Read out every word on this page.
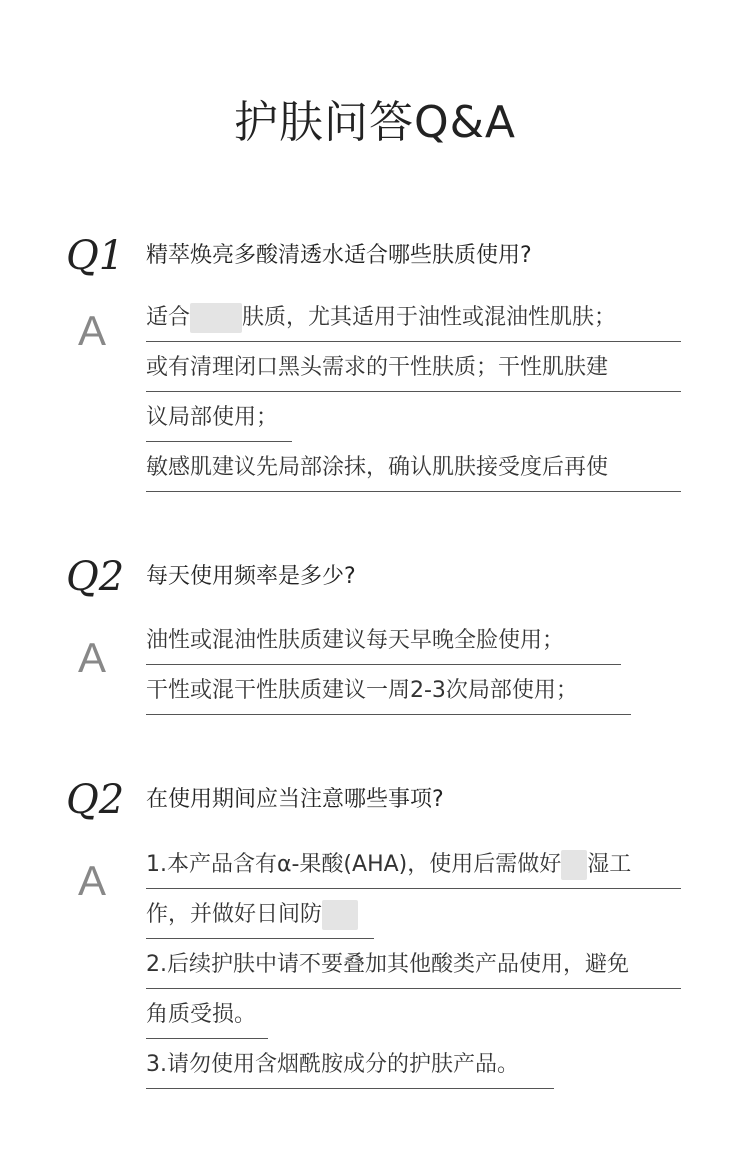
护肤问答Q&A
Q1 精萃焕亮多酸清透水适合哪些肤质使用?
A 适合 肤质，尤其适用于油性或混油性肌肤；
或有清理闭口黑头需求的干性肤质；干性肌肤建
议局部使用；
敏感肌建议先局部涂抹，确认肌肤接受度后再使
Q2 每天使用频率是多少?
A 油性或混油性肤质建议每天早晚全脸使用；
干性或混干性肤质建议一周2-3次局部使用；
Q2 在使用期间应当注意哪些事项?
A 1.本产品含有α-果酸(AHA)，使用后需做好 湿工
作，并做好日间防
2.后续护肤中请不要叠加其他酸类产品使用，避免
角质受损。
3.请勿使用含烟酰胺成分的护肤产品。
